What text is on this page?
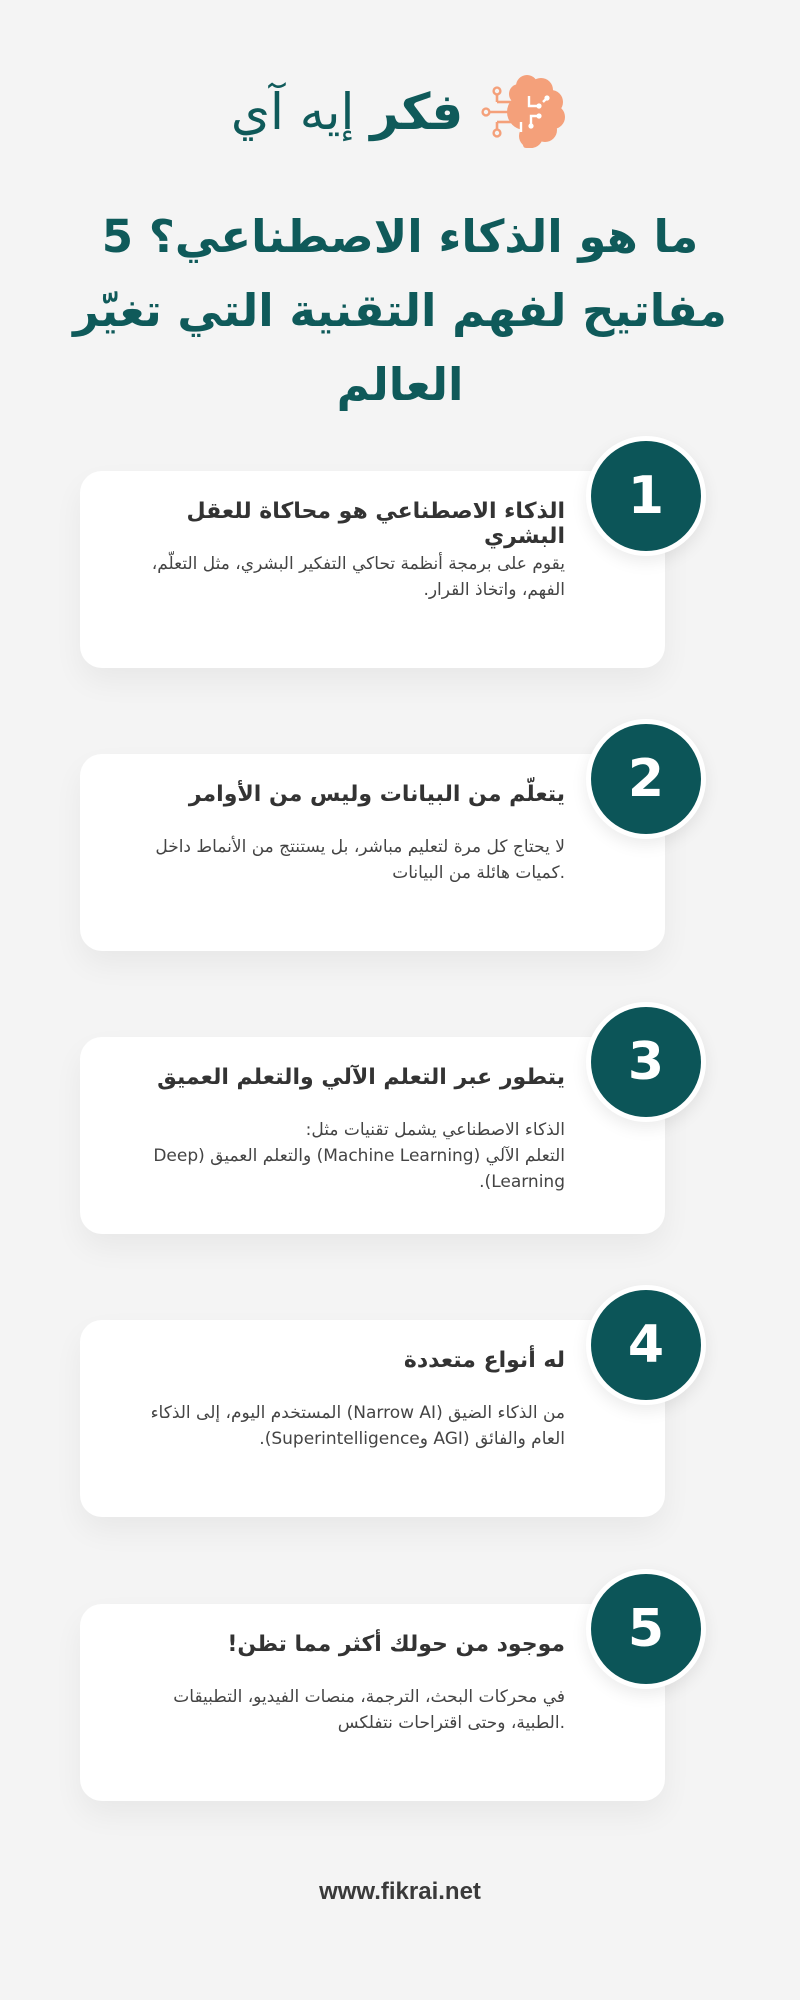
فكر إيه آي
ما هو الذكاء الاصطناعي؟ 5
مفاتيح لفهم التقنية التي تغيّر
العالم
الذكاء الاصطناعي هو محاكاة للعقل البشري
يقوم على برمجة أنظمة تحاكي التفكير البشري، مثل التعلّم،
الفهم، واتخاذ القرار.
1
يتعلّم من البيانات وليس من الأوامر
لا يحتاج كل مرة لتعليم مباشر، بل يستنتج من الأنماط داخل
.كميات هائلة من البيانات
2
يتطور عبر التعلم الآلي والتعلم العميق
الذكاء الاصطناعي يشمل تقنيات مثل:
التعلم الآلي (Machine Learning) والتعلم العميق (Deep
Learning).
3
له أنواع متعددة
من الذكاء الضيق (Narrow AI) المستخدم اليوم، إلى الذكاء
العام والفائق (AGI وSuperintelligence).
4
موجود من حولك أكثر مما تظن!
في محركات البحث، الترجمة، منصات الفيديو، التطبيقات
.الطبية، وحتى اقتراحات نتفلكس
5
www.fikrai.net
